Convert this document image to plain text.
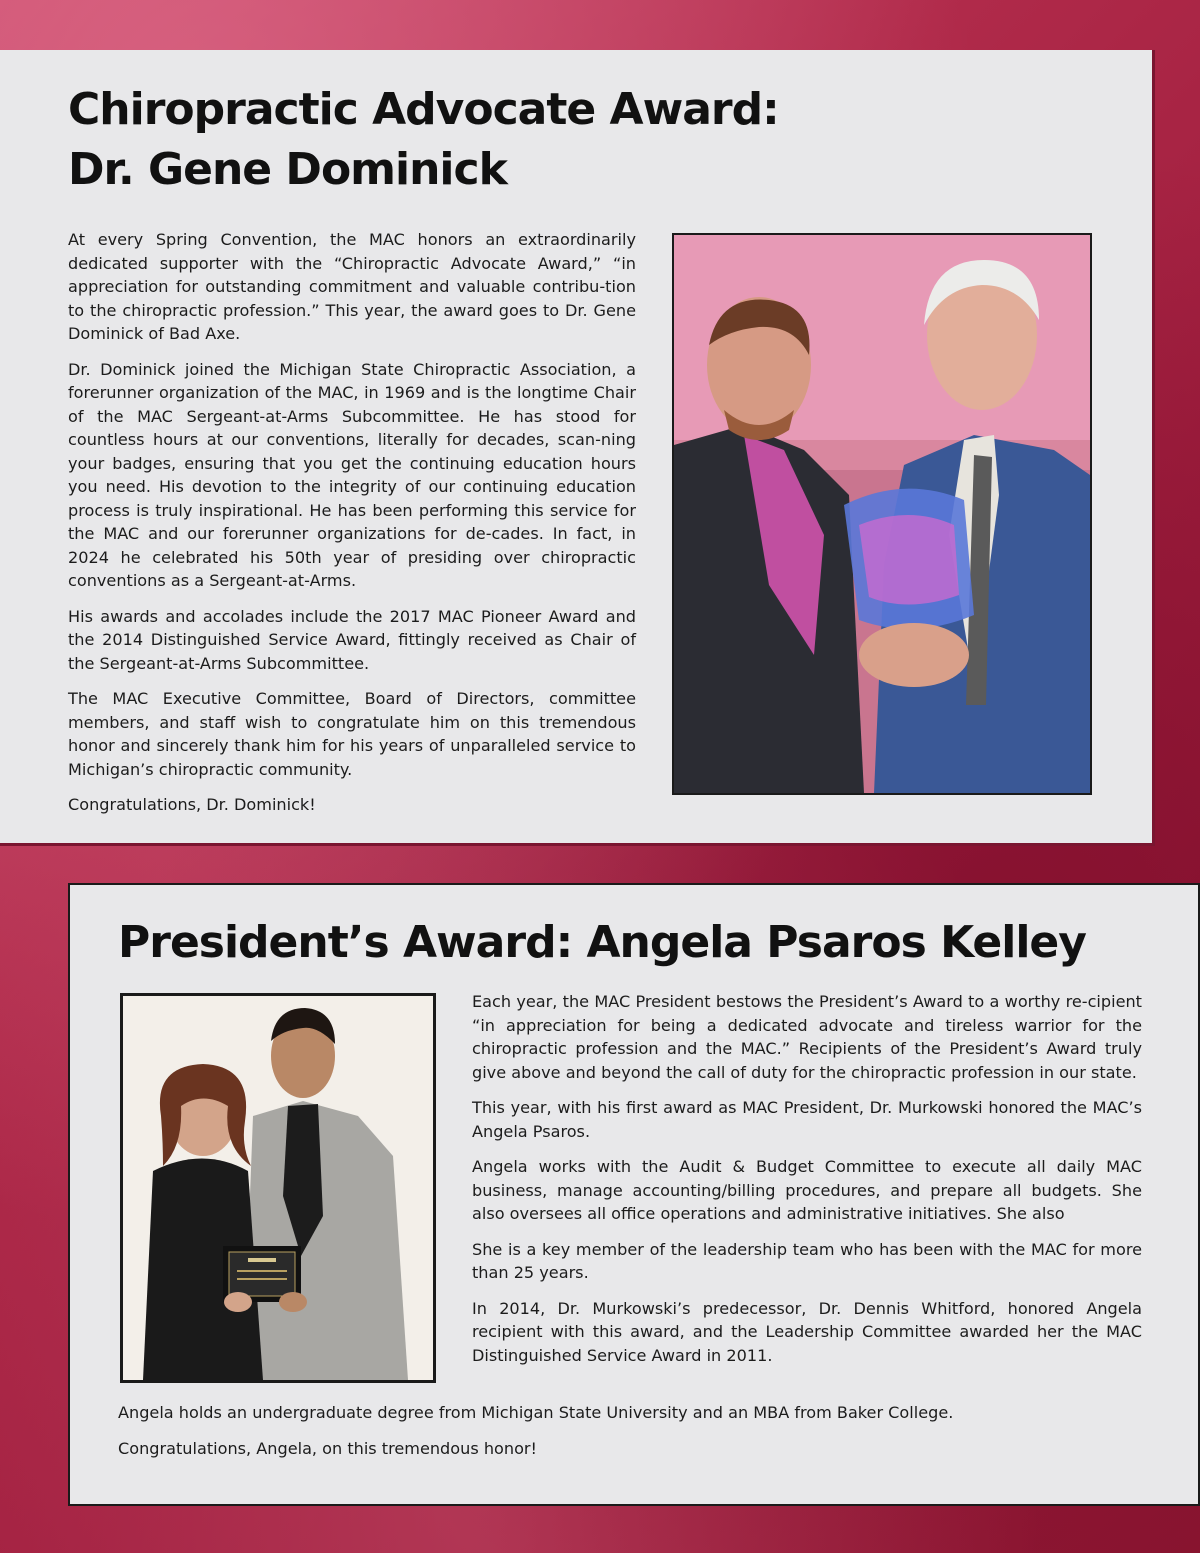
Chiropractic Advocate Award:
Dr. Gene Dominick

At every Spring Convention, the MAC honors an extraordinarily dedicated supporter with the “Chiropractic Advocate Award,” “in appreciation for outstanding commitment and valuable contribu-tion to the chiropractic profession.” This year, the award goes to Dr. Gene Dominick of Bad Axe.

Dr. Dominick joined the Michigan State Chiropractic Association, a forerunner organization of the MAC, in 1969 and is the longtime Chair of the MAC Sergeant-at-Arms Subcommittee. He has stood for countless hours at our conventions, literally for decades, scan-ning your badges, ensuring that you get the continuing education hours you need. His devotion to the integrity of our continuing education process is truly inspirational. He has been performing this service for the MAC and our forerunner organizations for de-cades. In fact, in 2024 he celebrated his 50th year of presiding over chiropractic conventions as a Sergeant-at-Arms.

His awards and accolades include the 2017 MAC Pioneer Award and the 2014 Distinguished Service Award, fittingly received as Chair of the Sergeant-at-Arms Subcommittee.

The MAC Executive Committee, Board of Directors, committee members, and staff wish to congratulate him on this tremendous honor and sincerely thank him for his years of unparalleled service to Michigan’s chiropractic community.

Congratulations, Dr. Dominick!

President’s Award: Angela Psaros Kelley

Each year, the MAC President bestows the President’s Award to a worthy re-cipient “in appreciation for being a dedicated advocate and tireless warrior for the chiropractic profession and the MAC.” Recipients of the President’s Award truly give above and beyond the call of duty for the chiropractic profession in our state.

This year, with his first award as MAC President, Dr. Murkowski honored the MAC’s Angela Psaros.

Angela works with the Audit & Budget Committee to execute all daily MAC business, manage accounting/billing procedures, and prepare all budgets. She also oversees all office operations and administrative initiatives. She also

She is a key member of the leadership team who has been with the MAC for more than 25 years.

In 2014, Dr. Murkowski’s predecessor, Dr. Dennis Whitford, honored Angela recipient with this award, and the Leadership Committee awarded her the MAC Distinguished Service Award in 2011.

Angela holds an undergraduate degree from Michigan State University and an MBA from Baker College.

Congratulations, Angela, on this tremendous honor!
